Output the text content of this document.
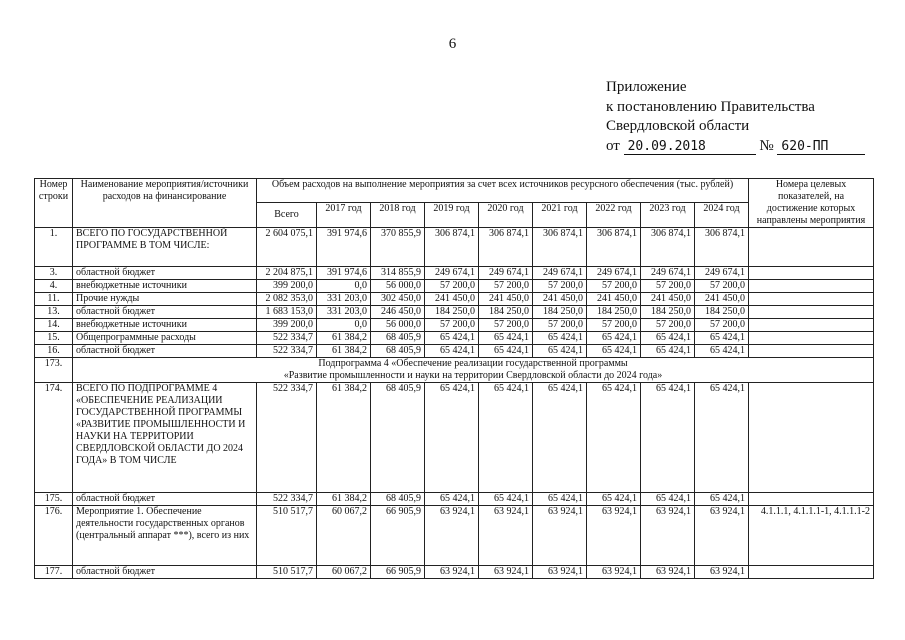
6
Приложение
к постановлению Правительства
Свердловской области
от 20.09.2018	№ 620-ПП
Номер строки	Наименование мероприятия/источники расходов на финансирование	Объем расходов на выполнение мероприятия за счет всех источников ресурсного обеспечения (тыс. рублей)									Номера целевых показателей, на достижение которых направлены мероприятия
		Всего	2017 год	2018 год	2019 год	2020 год	2021 год	2022 год	2023 год	2024 год	
1.	ВСЕГО ПО ГОСУДАРСТВЕННОЙ ПРОГРАММЕ В ТОМ ЧИСЛЕ:	2 604 075,1	391 974,6	370 855,9	306 874,1	306 874,1	306 874,1	306 874,1	306 874,1	306 874,1	
3.	областной бюджет	2 204 875,1	391 974,6	314 855,9	249 674,1	249 674,1	249 674,1	249 674,1	249 674,1	249 674,1	
4.	внебюджетные источники	399 200,0	0,0	56 000,0	57 200,0	57 200,0	57 200,0	57 200,0	57 200,0	57 200,0	
11.	Прочие нужды	2 082 353,0	331 203,0	302 450,0	241 450,0	241 450,0	241 450,0	241 450,0	241 450,0	241 450,0	
13.	областной бюджет	1 683 153,0	331 203,0	246 450,0	184 250,0	184 250,0	184 250,0	184 250,0	184 250,0	184 250,0	
14.	внебюджетные источники	399 200,0	0,0	56 000,0	57 200,0	57 200,0	57 200,0	57 200,0	57 200,0	57 200,0	
15.	Общепрограммные расходы	522 334,7	61 384,2	68 405,9	65 424,1	65 424,1	65 424,1	65 424,1	65 424,1	65 424,1	
16.	областной бюджет	522 334,7	61 384,2	68 405,9	65 424,1	65 424,1	65 424,1	65 424,1	65 424,1	65 424,1	
173.	Подпрограмма 4 «Обеспечение реализации государственной программы
«Развитие промышленности и науки на территории Свердловской области до 2024 года»										

174.	ВСЕГО ПО ПОДПРОГРАММЕ 4 «ОБЕСПЕЧЕНИЕ РЕАЛИЗАЦИИ ГОСУДАРСТВЕННОЙ ПРОГРАММЫ «РАЗВИТИЕ ПРОМЫШЛЕННОСТИ И НАУКИ НА ТЕРРИТОРИИ СВЕРДЛОВСКОЙ ОБЛАСТИ ДО 2024 ГОДА» В ТОМ ЧИСЛЕ	522 334,7	61 384,2	68 405,9	65 424,1	65 424,1	65 424,1	65 424,1	65 424,1	65 424,1	
175.	областной бюджет	522 334,7	61 384,2	68 405,9	65 424,1	65 424,1	65 424,1	65 424,1	65 424,1	65 424,1	
176.	Мероприятие 1. Обеспечение деятельности государственных органов (центральный аппарат ***), всего из них	510 517,7	60 067,2	66 905,9	63 924,1	63 924,1	63 924,1	63 924,1	63 924,1	63 924,1	4.1.1.1, 4.1.1.1-1, 4.1.1.1-2
177.	областной бюджет	510 517,7	60 067,2	66 905,9	63 924,1	63 924,1	63 924,1	63 924,1	63 924,1	63 924,1	
